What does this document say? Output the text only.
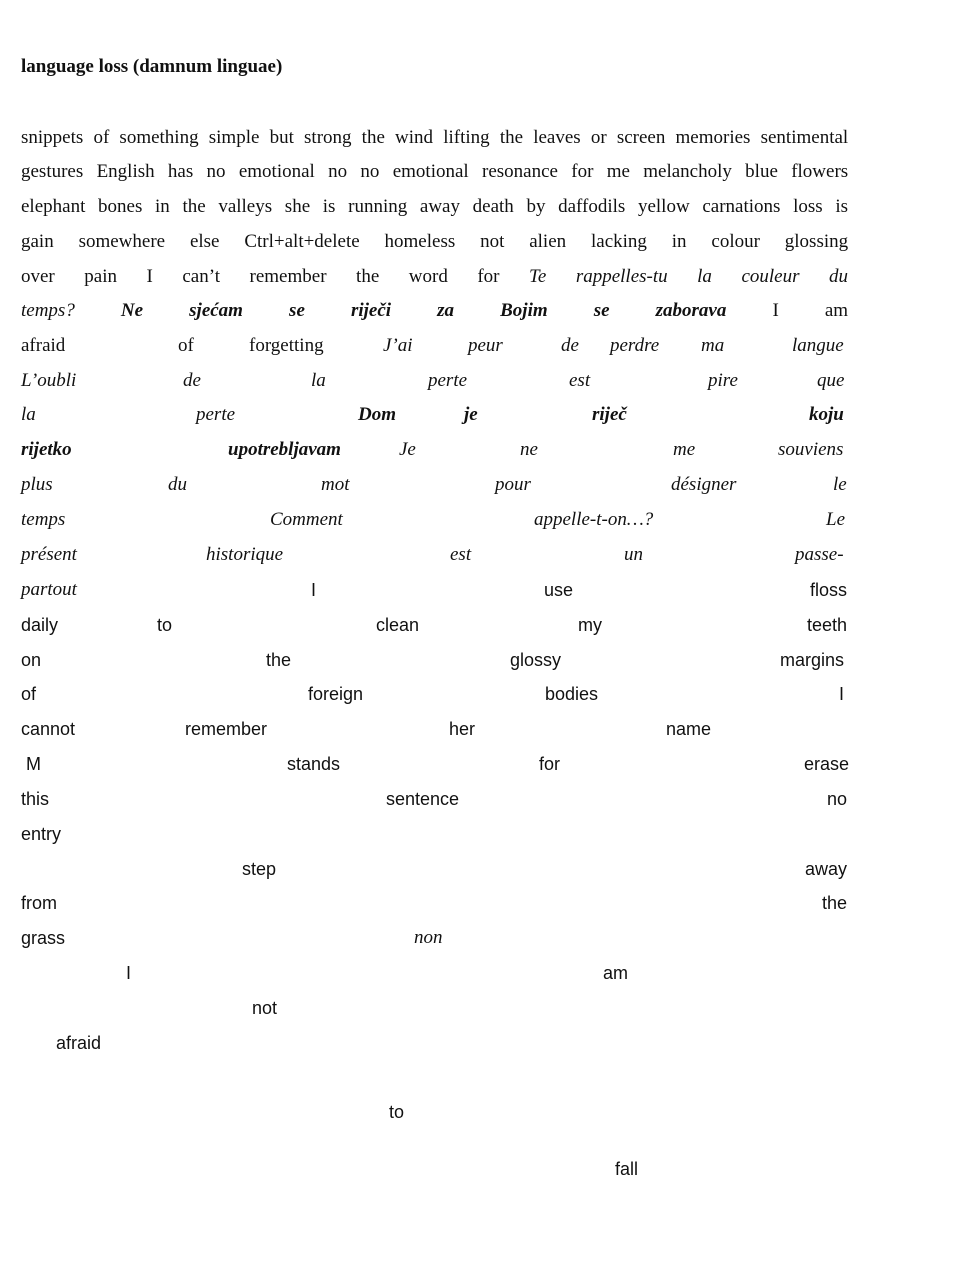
language loss (damnum linguae)
snippets of something simple but strong the wind lifting the leaves or screen memories sentimental
gestures English has no emotional no no emotional resonance for me melancholy blue flowers
elephant bones in the valleys she is running away death by daffodils yellow carnations loss is
gain somewhere else Ctrl+alt+delete homeless not alien lacking in colour glossing
over pain I can’t remember the word for Te rappelles-tu la couleur du
temps? Ne sjećam se riječi za Bojim se zaborava I am
afraid	of	forgetting	J’ai	peur	de perdre ma	langue
L’oubli	de	la	perte	est	pire	que
la	perte	Dom	je	riječ	koju
rijetko	upotrebljavam	Je	ne	me	souviens
plus	du	mot	pour	désigner	le
temps	Comment	appelle-t-on…?	Le
présent	historique	est	un	passe-
partout	I	use	floss
daily	to	clean	my	teeth
on	the	glossy	margins
of	foreign	bodies	I
cannot	remember	her	name
M	stands	for	erase
this	sentence	no
entry
step	away
from	the
grass	non
I	am
not
afraid
to
fall
